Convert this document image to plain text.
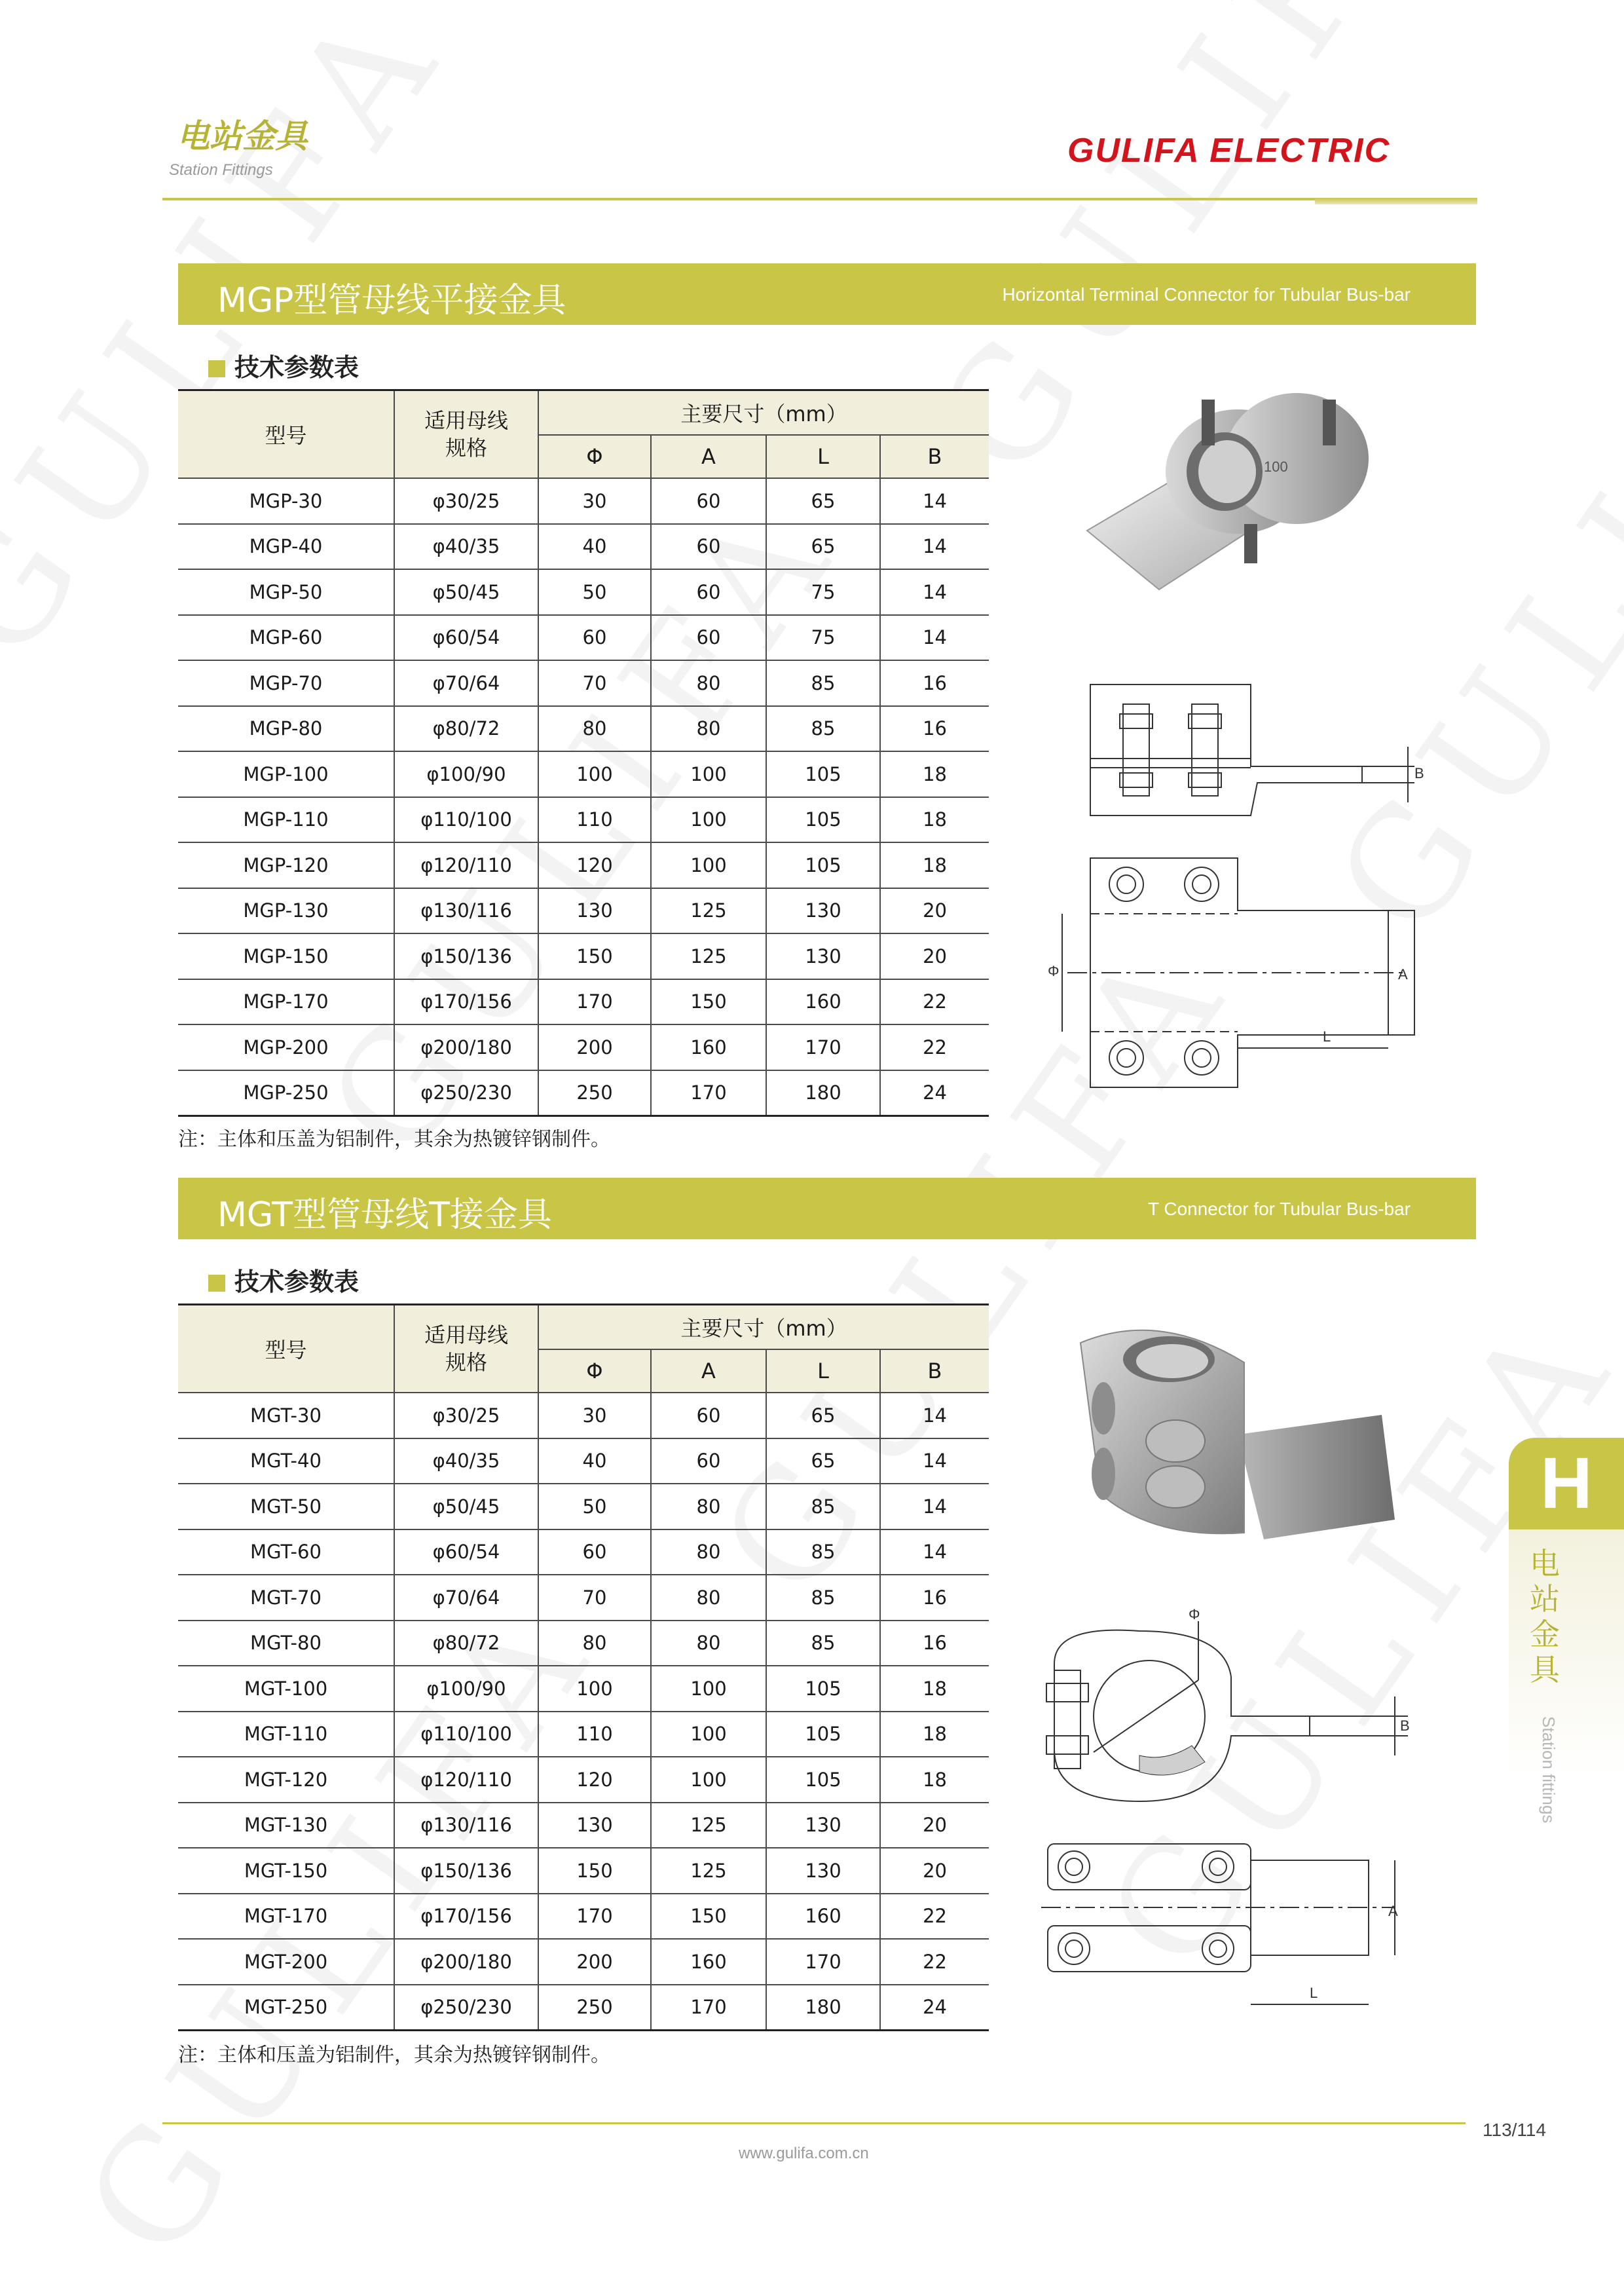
电站金具
Station Fittings
GULIFA ELECTRIC
MGP型管母线平接金具	Horizontal Terminal Connector for Tubular Bus-bar
技术参数表
型号	适用母线
规格	主要尺寸（mm）			
		Φ	A	L	B
MGP-30	φ30/25	30	60	65	14
MGP-40	φ40/35	40	60	65	14
MGP-50	φ50/45	50	60	75	14
MGP-60	φ60/54	60	60	75	14
MGP-70	φ70/64	70	80	85	16
MGP-80	φ80/72	80	80	85	16
MGP-100	φ100/90	100	100	105	18
MGP-110	φ110/100	110	100	105	18
MGP-120	φ120/110	120	100	105	18
MGP-130	φ130/116	130	125	130	20
MGP-150	φ150/136	150	125	130	20
MGP-170	φ170/156	170	150	160	22
MGP-200	φ200/180	200	160	170	22
MGP-250	φ250/230	250	170	180	24
注：主体和压盖为铝制件，其余为热镀锌钢制件。
100
B
Φ	A
L
MGT型管母线T接金具	T Connector for Tubular Bus-bar
技术参数表
型号	适用母线
规格	主要尺寸（mm）			
		Φ	A	L	B
MGT-30	φ30/25	30	60	65	14
MGT-40	φ40/35	40	60	65	14
MGT-50	φ50/45	50	80	85	14
MGT-60	φ60/54	60	80	85	14
MGT-70	φ70/64	70	80	85	16
MGT-80	φ80/72	80	80	85	16
MGT-100	φ100/90	100	100	105	18
MGT-110	φ110/100	110	100	105	18
MGT-120	φ120/110	120	100	105	18
MGT-130	φ130/116	130	125	130	20
MGT-150	φ150/136	150	125	130	20
MGT-170	φ170/156	170	150	160	22
MGT-200	φ200/180	200	160	170	22
MGT-250	φ250/230	250	170	180	24
注：主体和压盖为铝制件，其余为热镀锌钢制件。
Φ
B
A
L
H
电站金具
Station fittings
www.gulifa.com.cn
113/114
